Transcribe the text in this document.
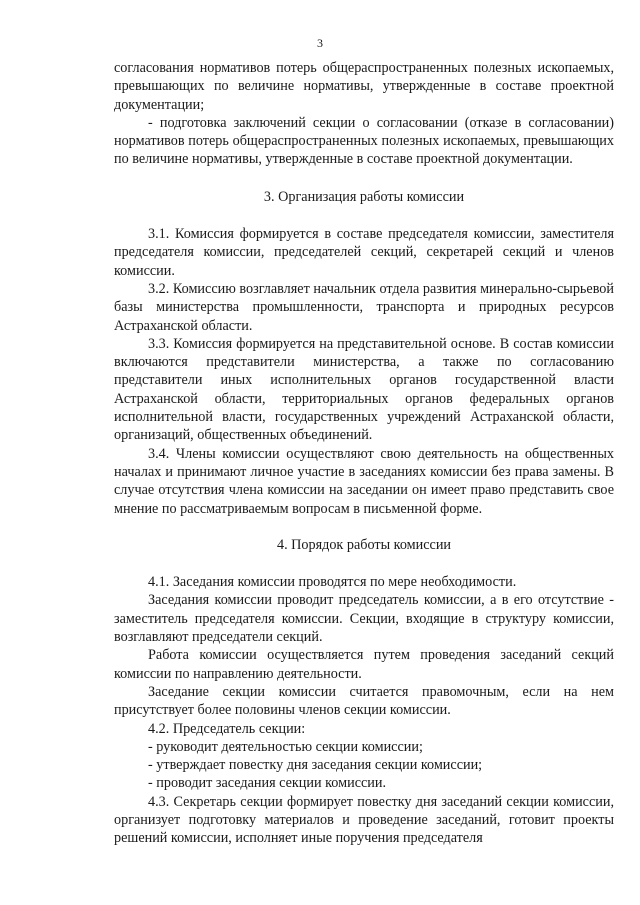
3

согласования нормативов потерь общераспространенных полезных ископаемых, превышающих по величине нормативы, утвержденные в составе проектной документации;

- подготовка заключений секции о согласовании (отказе в согласовании) нормативов потерь общераспространенных полезных ископаемых, превышающих по величине нормативы, утвержденные в составе проектной документации.

3. Организация работы комиссии

3.1. Комиссия формируется в составе председателя комиссии, заместителя председателя комиссии, председателей секций, секретарей секций и членов комиссии.

3.2. Комиссию возглавляет начальник отдела развития минерально-сырьевой базы министерства промышленности, транспорта и природных ресурсов Астраханской области.

3.3. Комиссия формируется на представительной основе. В состав комиссии включаются представители министерства, а также по согласованию представители иных исполнительных органов государственной власти Астраханской области, территориальных органов федеральных органов исполнительной власти, государственных учреждений Астраханской области, организаций, общественных объединений.

3.4. Члены комиссии осуществляют свою деятельность на общественных началах и принимают личное участие в заседаниях комиссии без права замены. В случае отсутствия члена комиссии на заседании он имеет право представить свое мнение по рассматриваемым вопросам в письменной форме.

4. Порядок работы комиссии

4.1. Заседания комиссии проводятся по мере необходимости.

Заседания комиссии проводит председатель комиссии, а в его отсутствие - заместитель председателя комиссии. Секции, входящие в структуру комиссии, возглавляют председатели секций.

Работа комиссии осуществляется путем проведения заседаний секций комиссии по направлению деятельности.

Заседание секции комиссии считается правомочным, если на нем присутствует более половины членов секции комиссии.

4.2. Председатель секции:

- руководит деятельностью секции комиссии;

- утверждает повестку дня заседания секции комиссии;

- проводит заседания секции комиссии.

4.3. Секретарь секции формирует повестку дня заседаний секции комиссии, организует подготовку материалов и проведение заседаний, готовит проекты решений комиссии, исполняет иные поручения председателя
